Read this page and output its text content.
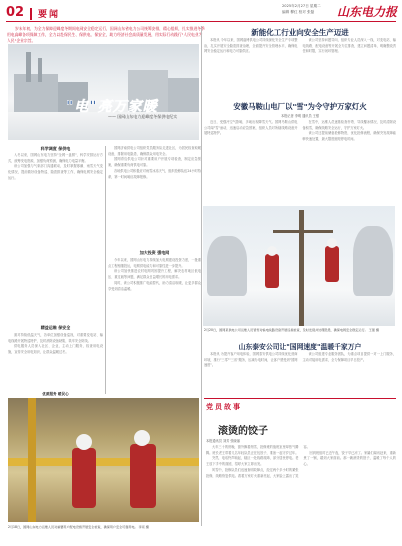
02 要闻
2025年2月27日 星期二
编辑 柳红 校对 张磊 山东电力报
岁末年初，为全力保障迎峰度冬期间电网安全稳定运行，国网山东省电力公司统筹安排，精心组织，扎实推进冬季用电高峰各项保障工作，全力以赴保民生、保供电、保安全，助力经济社会高质量发展，用实际行动践行"人民电业为人民"企业宗旨。
"电"亮万家暖
—— 国网山东电力迎峰度冬保供电纪实
科学调度 保供电

入冬以来，国网山东电力坚持"全网一盘棋"，科学安排运行方式，统筹发电资源，加强负荷预测，确保电力电量平衡。

该公司加强与气象部门沟通联动，及时掌握寒潮、雨雪天气变化情况，提前做好设备特巡、隐患排查等工作，确保电网安全稳定运行。

精益运维 保安全

面对持续低温天气，各单位加强设备巡视，对重要变电站、输电线路开展特巡特护，及时消除设备缺陷，筑牢安全防线。

供电服务人员深入社区、企业，主动上门服务，检查用电设施，宣传安全用电知识，让群众温暖过冬。

优质服务 暖民心

国网济南供电公司组织党员服务队走进社区，为居民检查取暖设备，排除用电隐患，确保群众用电安全。

国网青岛供电公司针对重要用户开展专项检查，制定应急预案，确保重要负荷供电可靠。

各地供电公司积极应对雨雪冰冻天气，组织抢修队伍24小时待命，第一时间响应故障报修。

加大投资 强电网

今年以来，国网山东电力持续加大电网建设投资力度，一批重点工程相继投运，电网供电能力和可靠性进一步提升。

该公司加快推进农村电网巩固提升工程，解决农村地区低电压、重过载等问题，满足群众日益增长的用电需求。

同时，该公司积极推广电能替代，助力清洁取暖，让更多群众享受到清洁温暖。

新能化工行业向安全生产迈进

本报讯 今年以来，国网淄博供电公司持续深化安全生产专项整治，扎实开展安全隐患排查治理，全面提升安全管理水平，确保电网安全稳定运行和电力可靠供应。

该公司坚持问题导向，组织专业人员深入一线，对变电站、输电线路、配电设备等开展全方位排查，建立问题清单，明确整改责任和时限，实行闭环管理。

安徽马鞍山电厂以"雪"为令守护万家灯火
本报记者 李明 通讯员 王强

近日，受强冷空气影响，多地出现降雪天气。国网马鞍山供电公司闻"雪"而动，迅速启动应急预案，组织人员对所辖线路设备开展特巡特护。

在雪中，运维人员逐基检查杆塔、导线覆冰情况，及时清除设备积雪，确保线路安全运行，守护万家灯火。

该公司还提前储备抢修物资，优化抢修流程，确保突发故障能够快速处置，最大限度缩短停电时间。

2月20日，国网某供电公司运维人员冒雪对输电线路设备开展巡视检查，及时发现并处理隐患，确保电网安全稳定运行。 王强 摄
山东泰安公司让"国网速度"温暖千家万户

本报讯 为提升客户用电体验，国网泰安供电公司持续优化营商环境，推行"三零""三省"服务，压减办电时间，让客户感受到"国网速度"。

该公司组建专业服务团队，为重点项目提供一对一上门服务，主动对接用电需求，全力保障项目早日投产。

党员故事
滚烫的饺子
本报通讯员 刘芳 张晓丽

大年三十的傍晚，窗外飘着细雪，抢修班的值班室里却热气腾腾。班长老王带着几名年轻队员正在包饺子，准备一起守岁过年。

突然，电话铃声响起，辖区一处线路故障，部分居民停电。老王放下手中的面团，招呼大家立即出发。

风雪中，抢修队员们迅速查明故障点，经过两个多小时的紧张抢修，线路恢复供电。看着万家灯火重新亮起，大家脸上露出了笑容。

回到班组时已近午夜，饺子早已凉了。家属们闻讯赶来，重新煮了一锅，端到大家面前。那一碗滚烫的饺子，温暖了每个人的心。

2月18日，国网山东电力运维人员对重要用户配电设施开展安全检查，确保用户安全可靠用电。 李亮 摄
